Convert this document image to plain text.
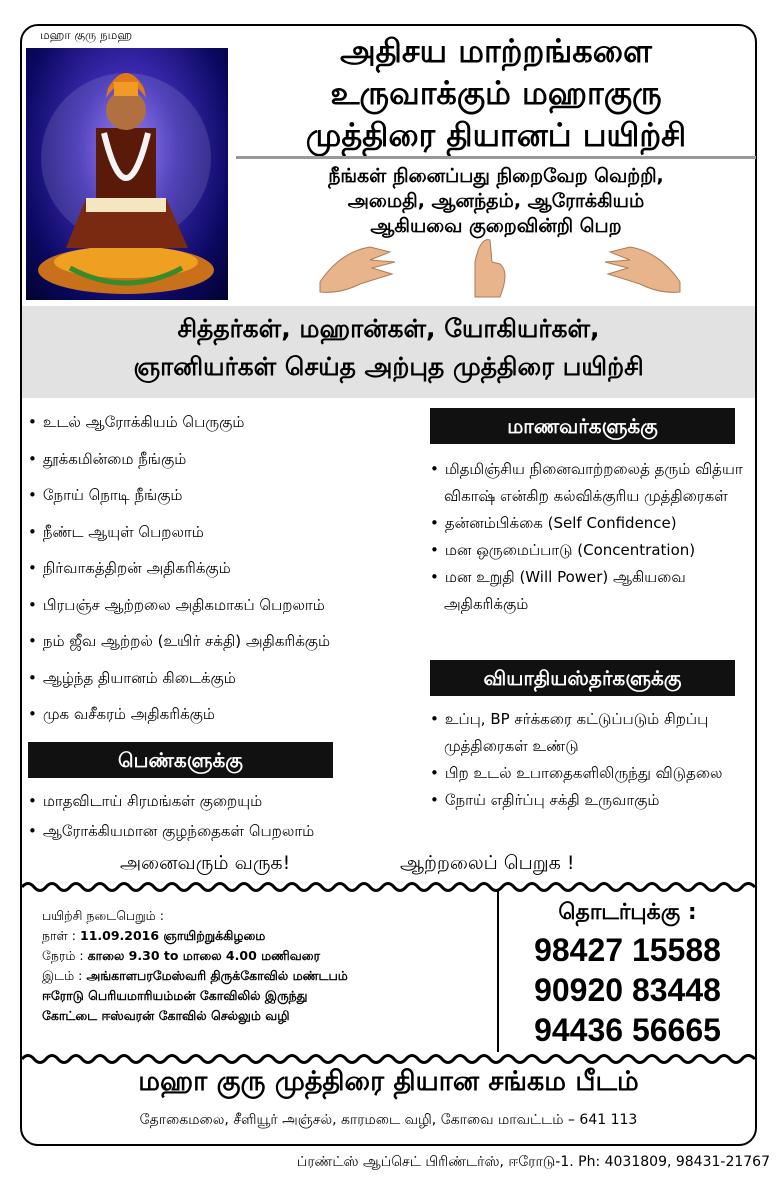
மஹா குரு நமஹ	அதிசய மாற்றங்களை
உருவாக்கும் மஹாகுரு
முத்திரை தியானப் பயிற்சி
நீங்கள் நினைப்பது நிறைவேற வெற்றி,
அமைதி, ஆனந்தம், ஆரோக்கியம்
ஆகியவை குறைவின்றி பெற
சித்தர்கள், மஹான்கள், யோகியர்கள்,
ஞானியர்கள் செய்த அற்புத முத்திரை பயிற்சி
• உடல் ஆரோக்கியம் பெருகும்
• தூக்கமின்மை நீங்கும்
• நோய் நொடி நீங்கும்
• நீண்ட ஆயுள் பெறலாம்
• நிர்வாகத்திறன் அதிகரிக்கும்
• பிரபஞ்ச ஆற்றலை அதிகமாகப் பெறலாம்
• நம் ஜீவ ஆற்றல் (உயிர் சக்தி) அதிகரிக்கும்
• ஆழ்ந்த தியானம் கிடைக்கும்
• முக வசீகரம் அதிகரிக்கும்
மாணவர்களுக்கு
• மிதமிஞ்சிய நினைவாற்றலைத் தரும் வித்யா விகாஷ் என்கிற கல்விக்குரிய முத்திரைகள்
• தன்னம்பிக்கை (Self Confidence)
• மன ஒருமைப்பாடு (Concentration)
• மன உறுதி (Will Power) ஆகியவை அதிகரிக்கும்
வியாதியஸ்தர்களுக்கு
• உப்பு, BP சர்க்கரை கட்டுப்படும் சிறப்பு முத்திரைகள் உண்டு
• பிற உடல் உபாதைகளிலிருந்து விடுதலை
• நோய் எதிர்ப்பு சக்தி உருவாகும்
பெண்களுக்கு
• மாதவிடாய் சிரமங்கள் குறையும்
• ஆரோக்கியமான குழந்தைகள் பெறலாம்
அனைவரும் வருக!	ஆற்றலைப் பெறுக !
பயிற்சி நடைபெறும் :
நாள் : 11.09.2016 ஞாயிற்றுக்கிழமை
நேரம் : காலை 9.30 to மாலை 4.00 மணிவரை
இடம் : அங்காளபரமேஸ்வரி திருக்கோவில் மண்டபம்
ஈரோடு பெரியமாரியம்மன் கோவிலில் இருந்து
கோட்டை ஈஸ்வரன் கோவில் செல்லும் வழி
தொடர்புக்கு :
98427 15588
90920 83448
94436 56665
மஹா குரு முத்திரை தியான சங்கம பீடம்
தோகைமலை, சீளியூர் அஞ்சல், காரமடை வழி, கோவை மாவட்டம் – 641 113
ப்ரண்ட்ஸ் ஆப்செட் பிரிண்டர்ஸ், ஈரோடு-1. Ph: 4031809, 98431-21767
